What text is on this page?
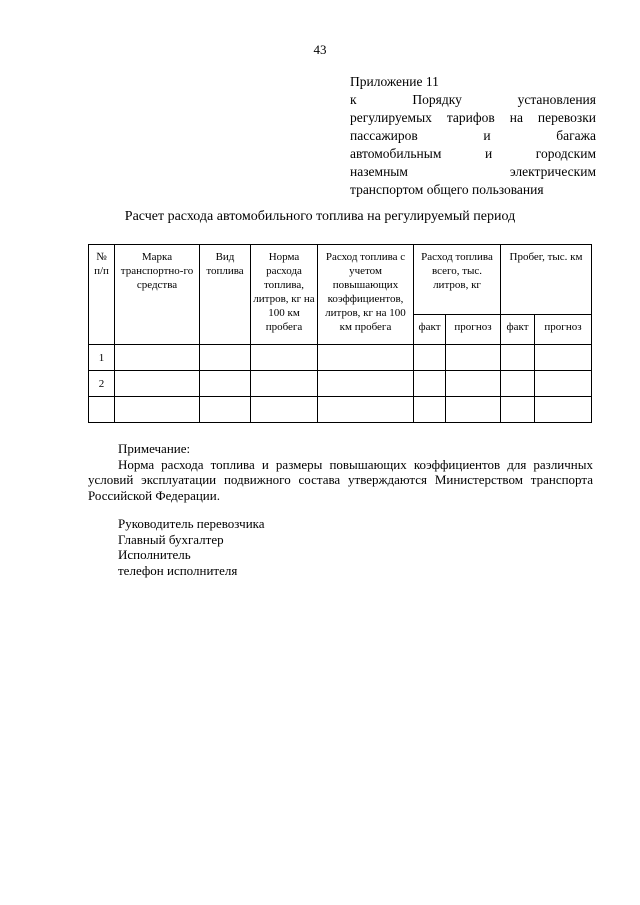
43
Приложение 11
к Порядку установления
регулируемых тарифов на перевозки
пассажиров и багажа
автомобильным и городским
наземным электрическим
транспортом общего пользования
Расчет расхода автомобильного топлива на регулируемый период
№ п/п	Марка транспортно-го средства	Вид топлива	Норма расхода топлива, литров, кг на 100 км пробега	Расход топлива с учетом повышающих коэффициентов, литров, кг на 100 км пробега	Расход топлива всего, тыс. литров, кг		Пробег, тыс. км	
					факт	прогноз	факт	прогноз
1								
2								

Примечание:
Норма расхода топлива и размеры повышающих коэффициентов для различных условий эксплуатации подвижного состава утверждаются Министерством транспорта Российской Федерации.
Руководитель перевозчика
Главный бухгалтер
Исполнитель
телефон исполнителя
